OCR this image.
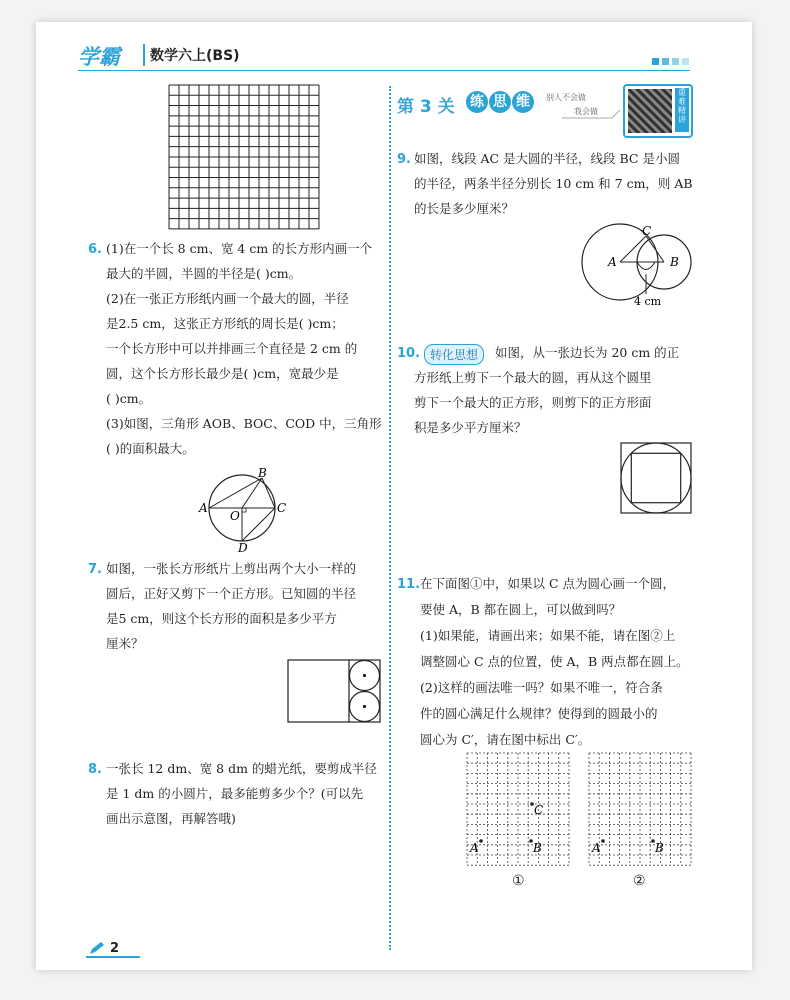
学霸 数学六上(BS)
6. (1)在一个长 8 cm、宽 4 cm 的长方形内画一个
最大的半圆，半圆的半径是( )cm。
(2)在一张正方形纸内画一个最大的圆，半径
是2.5 cm，这张正方形纸的周长是( )cm；
一个长方形中可以并排画三个直径是 2 cm 的
圆，这个长方形长最少是( )cm，宽最少是
( )cm。
(3)如图，三角形 AOB、BOC、COD 中，三角形
( )的面积最大。
B
A
O
C
D
7. 如图，一张长方形纸片上剪出两个大小一样的
圆后，正好又剪下一个正方形。已知圆的半径
是5 cm，则这个长方形的面积是多少平方
厘米？
8. 一张长 12 dm、宽 8 dm 的蜡光纸，要剪成半径
是 1 dm 的小圆片，最多能剪多少个？(可以先
画出示意图，再解答哦)
第 3 关 练 思 维	别人不会做
我会做
重难精讲
9. 如图，线段 AC 是大圆的半径，线段 BC 是小圆
的半径，两条半径分别长 10 cm 和 7 cm，则 AB
的长是多少厘米？
C
A	B
4 cm
10. 转化思想	如图，从一张边长为 20 cm 的正
方形纸上剪下一个最大的圆，再从这个圆里
剪下一个最大的正方形，则剪下的正方形面
积是多少平方厘米？
11. 在下面图①中，如果以 C 点为圆心画一个圆，
要使 A，B 都在圆上，可以做到吗？
(1)如果能，请画出来；如果不能，请在图②上
调整圆心 C 点的位置，使 A，B 两点都在圆上。
(2)这样的画法唯一吗？如果不唯一，符合条
件的圆心满足什么规律？使得到的圆最小的
圆心为 C′，请在图中标出 C′。
C
A	B	A	B
①	②
2
